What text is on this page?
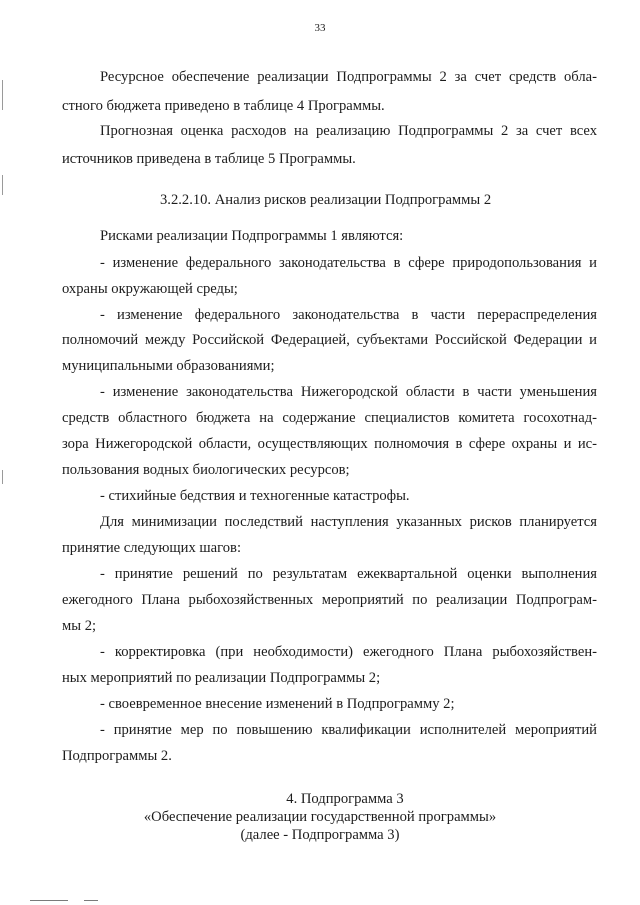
33
Ресурсное обеспечение реализации Подпрограммы 2 за счет средств обла-
стного бюджета приведено в таблице 4 Программы.
Прогнозная оценка расходов на реализацию Подпрограммы 2 за счет всех
источников приведена в таблице 5 Программы.
3.2.2.10. Анализ рисков реализации Подпрограммы 2
Рисками реализации Подпрограммы 1 являются:
- изменение федерального законодательства в сфере природопользования и
охраны окружающей среды;
- изменение федерального законодательства в части перераспределения
полномочий между Российской Федерацией, субъектами Российской Федерации и
муниципальными образованиями;
- изменение законодательства Нижегородской области в части уменьшения
средств областного бюджета на содержание специалистов комитета госохотнад-
зора Нижегородской области, осуществляющих полномочия в сфере охраны и ис-
пользования водных биологических ресурсов;
- стихийные бедствия и техногенные катастрофы.
Для минимизации последствий наступления указанных рисков планируется
принятие следующих шагов:
- принятие решений по результатам ежеквартальной оценки выполнения
ежегодного Плана рыбохозяйственных мероприятий по реализации Подпрограм-
мы 2;
- корректировка (при необходимости) ежегодного Плана рыбохозяйствен-
ных мероприятий по реализации Подпрограммы 2;
- своевременное внесение изменений в Подпрограмму 2;
- принятие мер по повышению квалификации исполнителей мероприятий
Подпрограммы 2.
4. Подпрограмма 3
«Обеспечение реализации государственной программы»
(далее - Подпрограмма 3)
